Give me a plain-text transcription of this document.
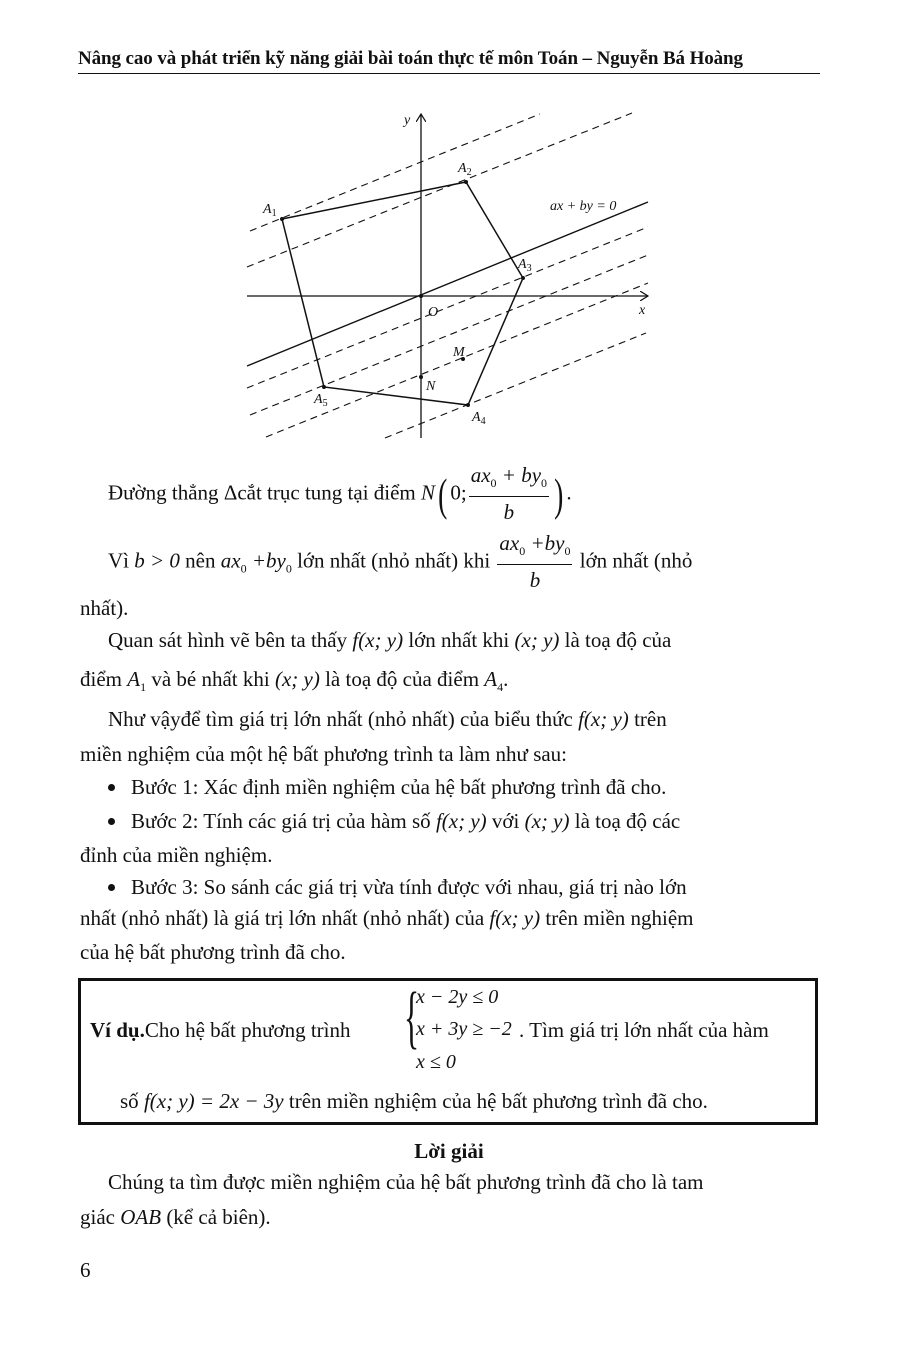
Nâng cao và phát triển kỹ năng giải bài toán thực tế môn Toán – Nguyễn Bá Hoàng
y
x
O
$A_1$
$A_2$
$A_3$
$A_4$
$A_5$
M
N
ax + by = 0
Đường thẳng Δcắt trục tung tại điểm N( 0; $\frac{ax_0 + by_0}{b}$ ) .
Vì b > 0 nên $ax_0 +by_0$ lớn nhất (nhỏ nhất) khi $\frac{ax_0 +by_0}{b}$ lớn nhất (nhỏ
nhất).
Quan sát hình vẽ bên ta thấy f(x; y) lớn nhất khi (x; y) là toạ độ của
điểm $A_1$ và bé nhất khi (x; y) là toạ độ của điểm $A_4$.
Như vậyđể tìm giá trị lớn nhất (nhỏ nhất) của biểu thức f(x; y) trên
miền nghiệm của một hệ bất phương trình ta làm như sau:
Bước 1: Xác định miền nghiệm của hệ bất phương trình đã cho.
Bước 2: Tính các giá trị của hàm số f(x; y) với (x; y) là toạ độ các
đỉnh của miền nghiệm.
Bước 3: So sánh các giá trị vừa tính được với nhau, giá trị nào lớn
nhất (nhỏ nhất) là giá trị lớn nhất (nhỏ nhất) của f(x; y) trên miền nghiệm
của hệ bất phương trình đã cho.
Ví dụ.Cho hệ bất phương trình {
x − 2y ≤ 0
x + 3y ≥ −2
x ≤ 0
. Tìm giá trị lớn nhất của hàm
số f(x; y) = 2x − 3y trên miền nghiệm của hệ bất phương trình đã cho.
Lời giải
Chúng ta tìm được miền nghiệm của hệ bất phương trình đã cho là tam
giác OAB (kể cả biên).
6
